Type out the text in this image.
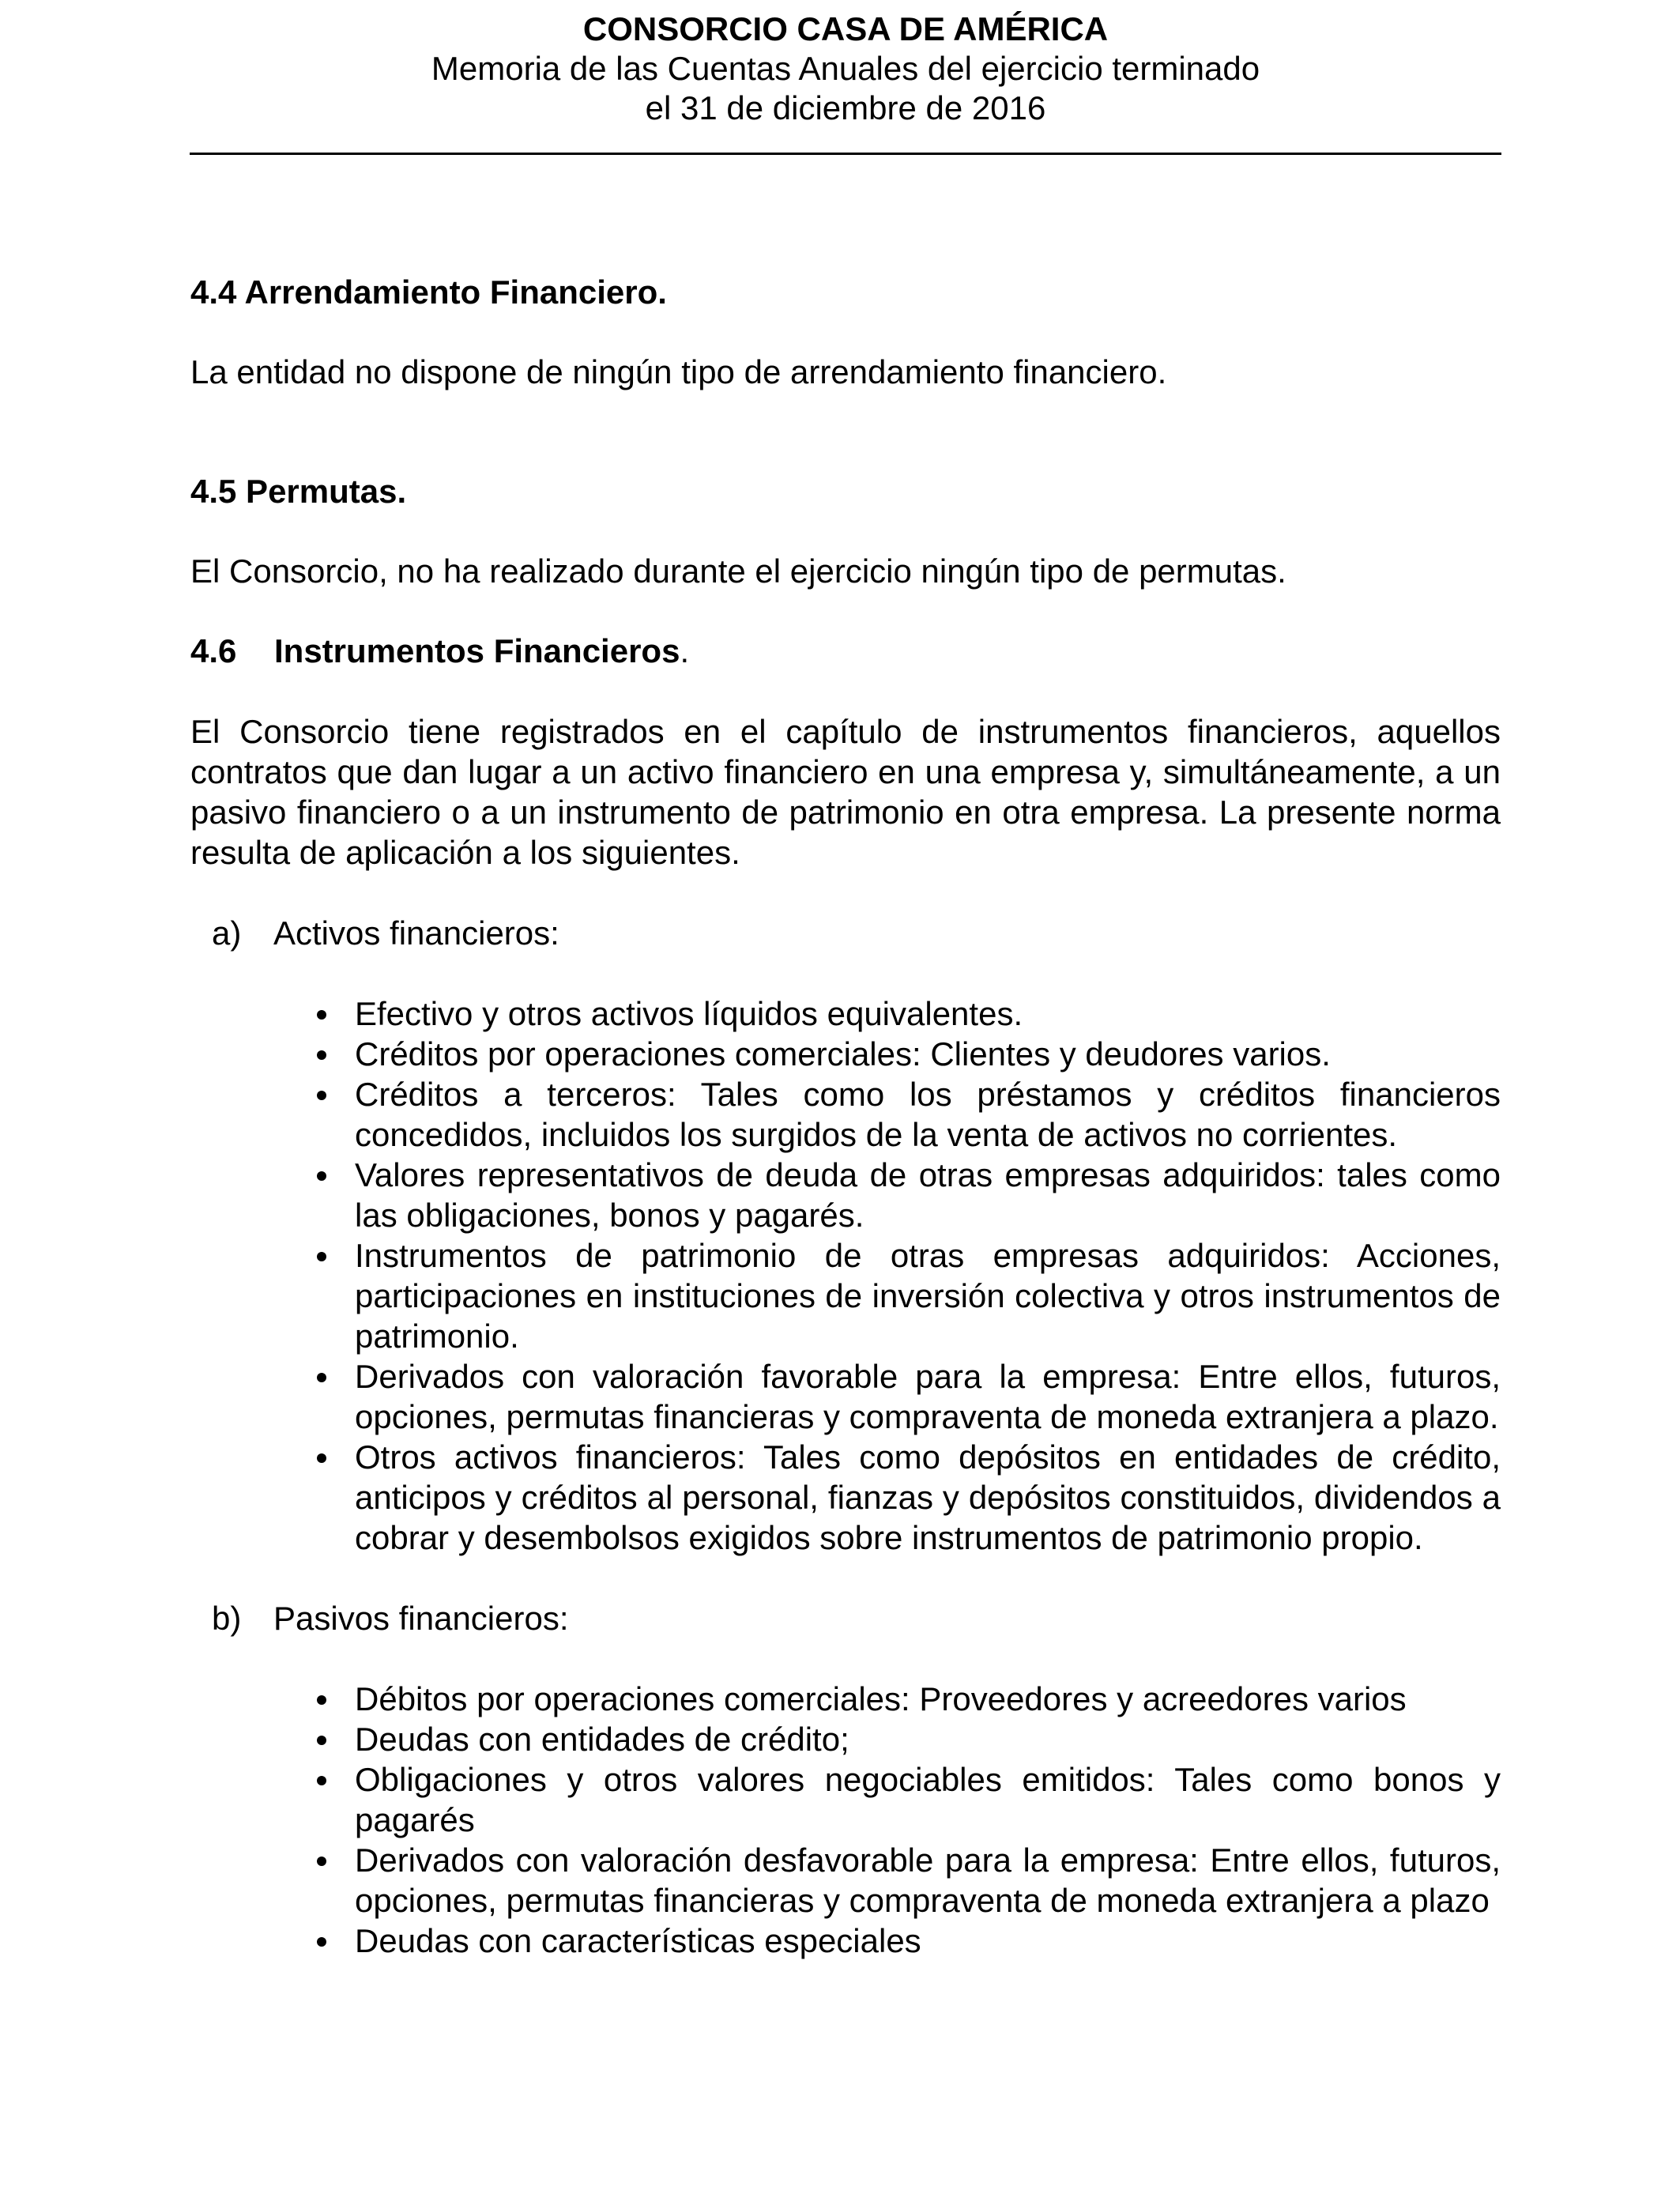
CONSORCIO CASA DE AMÉRICA
Memoria de las Cuentas Anuales del ejercicio terminado
el 31 de diciembre de 2016

4.4 Arrendamiento Financiero.

La entidad no dispone de ningún tipo de arrendamiento financiero.

4.5 Permutas.

El Consorcio, no ha realizado durante el ejercicio ningún tipo de permutas.

4.6 Instrumentos Financieros.

El Consorcio tiene registrados en el capítulo de instrumentos financieros, aquellos contratos que dan lugar a un activo financiero en una empresa y, simultáneamente, a un pasivo financiero o a un instrumento de patrimonio en otra empresa. La presente norma resulta de aplicación a los siguientes.

a) Activos financieros:
Efectivo y otros activos líquidos equivalentes.
Créditos por operaciones comerciales: Clientes y deudores varios.
Créditos a terceros: Tales como los préstamos y créditos financieros concedidos, incluidos los surgidos de la venta de activos no corrientes.
Valores representativos de deuda de otras empresas adquiridos: tales como las obligaciones, bonos y pagarés.
Instrumentos de patrimonio de otras empresas adquiridos: Acciones, participaciones en instituciones de inversión colectiva y otros instrumentos de patrimonio.
Derivados con valoración favorable para la empresa: Entre ellos, futuros, opciones, permutas financieras y compraventa de moneda extranjera a plazo.
Otros activos financieros: Tales como depósitos en entidades de crédito, anticipos y créditos al personal, fianzas y depósitos constituidos, dividendos a cobrar y desembolsos exigidos sobre instrumentos de patrimonio propio.
b) Pasivos financieros:
Débitos por operaciones comerciales: Proveedores y acreedores varios
Deudas con entidades de crédito;
Obligaciones y otros valores negociables emitidos: Tales como bonos y pagarés
Derivados con valoración desfavorable para la empresa: Entre ellos, futuros, opciones, permutas financieras y compraventa de moneda extranjera a plazo
Deudas con características especiales
